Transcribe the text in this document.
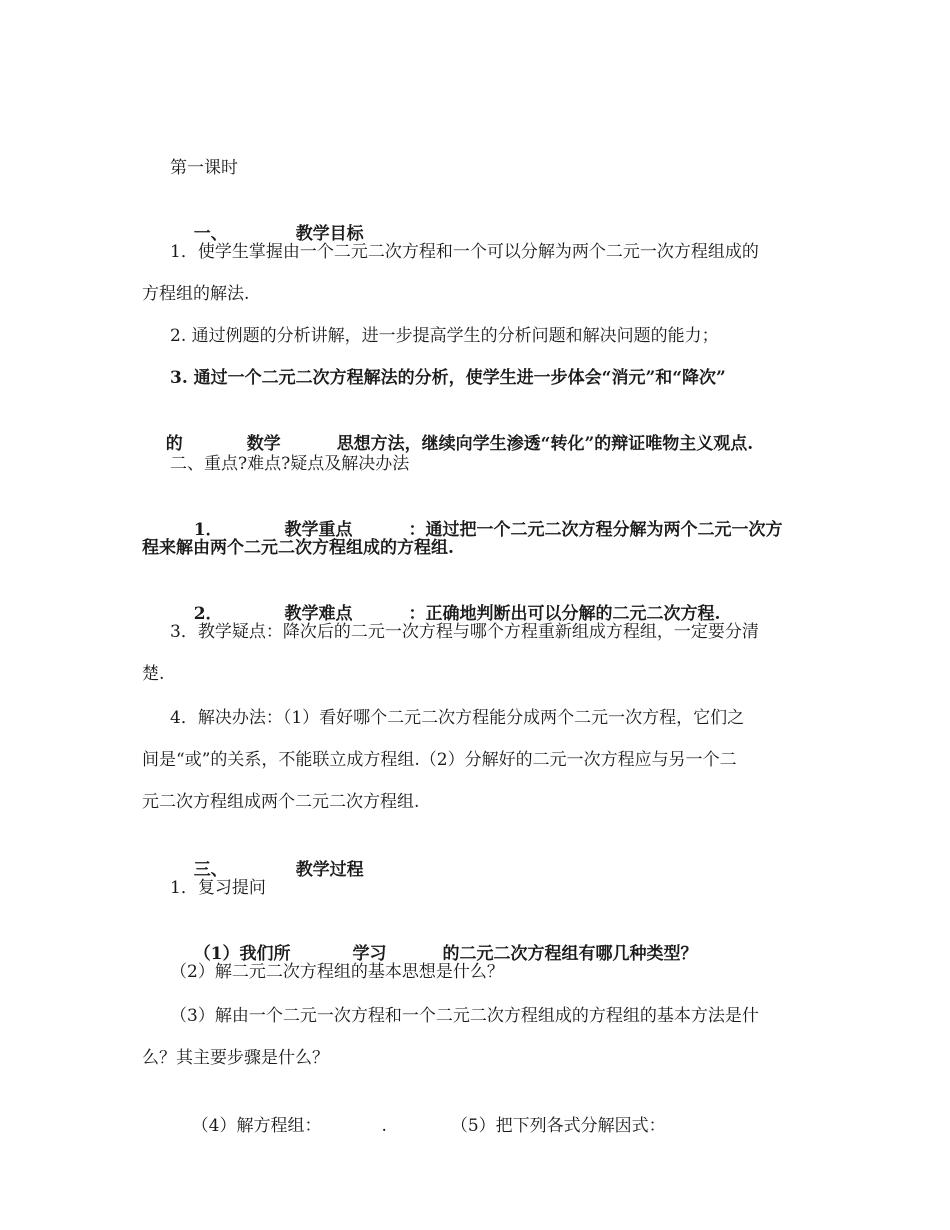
第一课时

一、	教学目标

1．使学生掌握由一个二元二次方程和一个可以分解为两个二元一次方程组成的
方程组的解法.
2. 通过例题的分析讲解，进一步提高学生的分析问题和解决问题的能力；
3. 通过一个二元二次方程解法的分析，使学生进一步体会“消元”和“降次”

的	数学	思想方法，继续向学生渗透“转化”的辩证唯物主义观点.

二、重点?难点?疑点及解决办法

1．	教学重点	：通过把一个二元二次方程分解为两个二元一次方

程来解由两个二元二次方程组成的方程组.

2．	教学难点	：正确地判断出可以分解的二元二次方程.

3．教学疑点：降次后的二元一次方程与哪个方程重新组成方程组，一定要分清
楚.
4．解决办法：（1）看好哪个二元二次方程能分成两个二元一次方程，它们之
间是“或”的关系，不能联立成方程组.（2）分解好的二元一次方程应与另一个二
元二次方程组成两个二元二次方程组.

三、	教学过程

1．复习提问

（1）我们所	学习	的二元二次方程组有哪几种类型？

（2）解二元二次方程组的基本思想是什么？
（3）解由一个二元一次方程和一个二元二次方程组成的方程组的基本方法是什
么？其主要步骤是什么？

（4）解方程组：	.	（5）把下列各式分解因式：
